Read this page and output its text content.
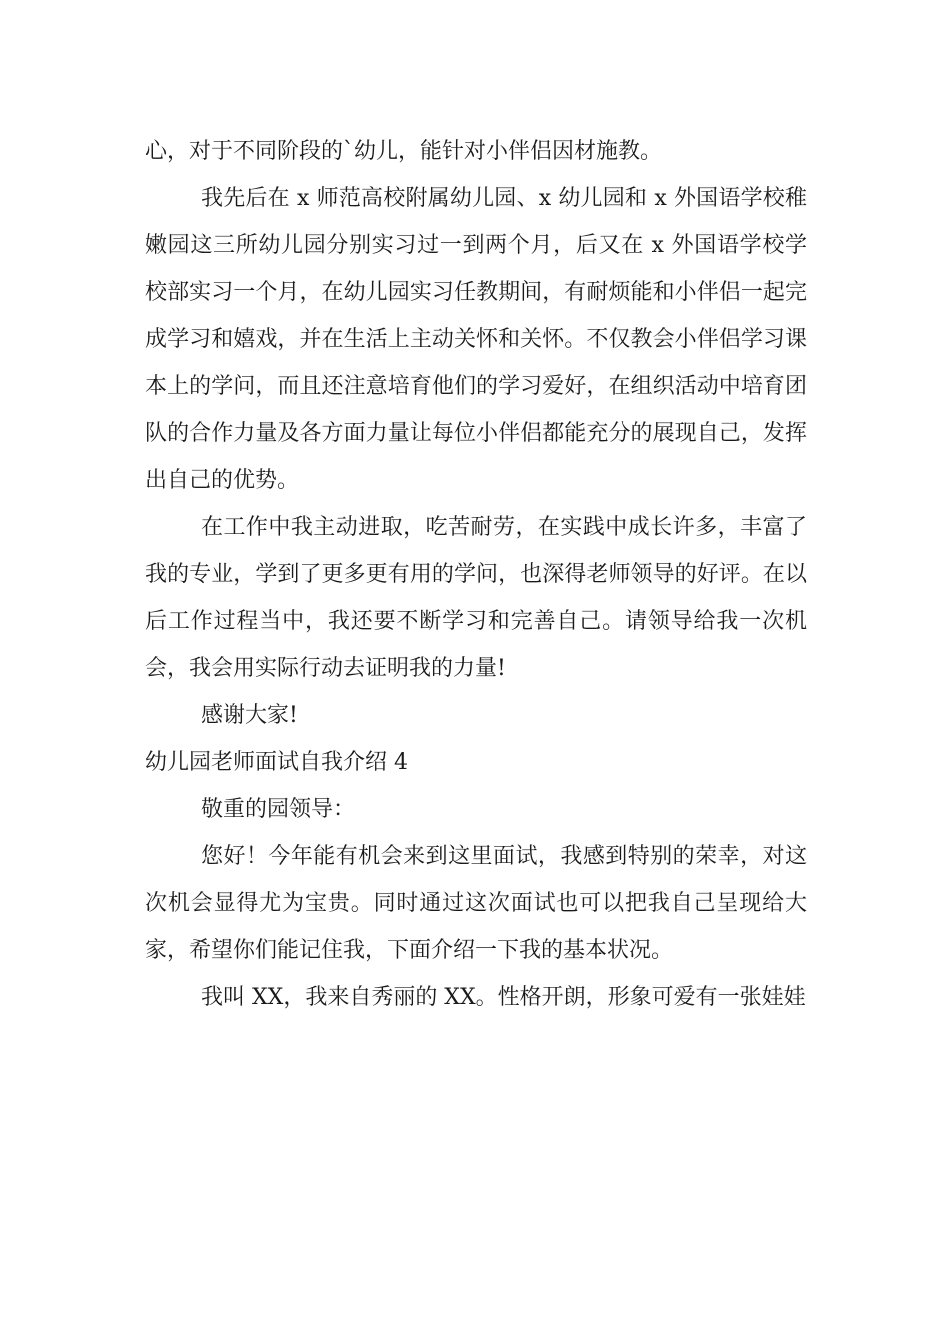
心，对于不同阶段的`幼儿，能针对小伴侣因材施教。

我先后在 x 师范高校附属幼儿园、x 幼儿园和 x 外国语学校稚嫩园这三所幼儿园分别实习过一到两个月，后又在 x 外国语学校学校部实习一个月，在幼儿园实习任教期间，有耐烦能和小伴侣一起完成学习和嬉戏，并在生活上主动关怀和关怀。不仅教会小伴侣学习课本上的学问，而且还注意培育他们的学习爱好，在组织活动中培育团队的合作力量及各方面力量让每位小伴侣都能充分的展现自己，发挥出自己的优势。

在工作中我主动进取，吃苦耐劳，在实践中成长许多，丰富了我的专业，学到了更多更有用的学问，也深得老师领导的好评。在以后工作过程当中，我还要不断学习和完善自己。请领导给我一次机会，我会用实际行动去证明我的力量!

感谢大家!

幼儿园老师面试自我介绍 4

敬重的园领导：

您好！今年能有机会来到这里面试，我感到特别的荣幸，对这次机会显得尤为宝贵。同时通过这次面试也可以把我自己呈现给大家，希望你们能记住我，下面介绍一下我的基本状况。

我叫 XX，我来自秀丽的 XX。性格开朗，形象可爱有一张娃娃
